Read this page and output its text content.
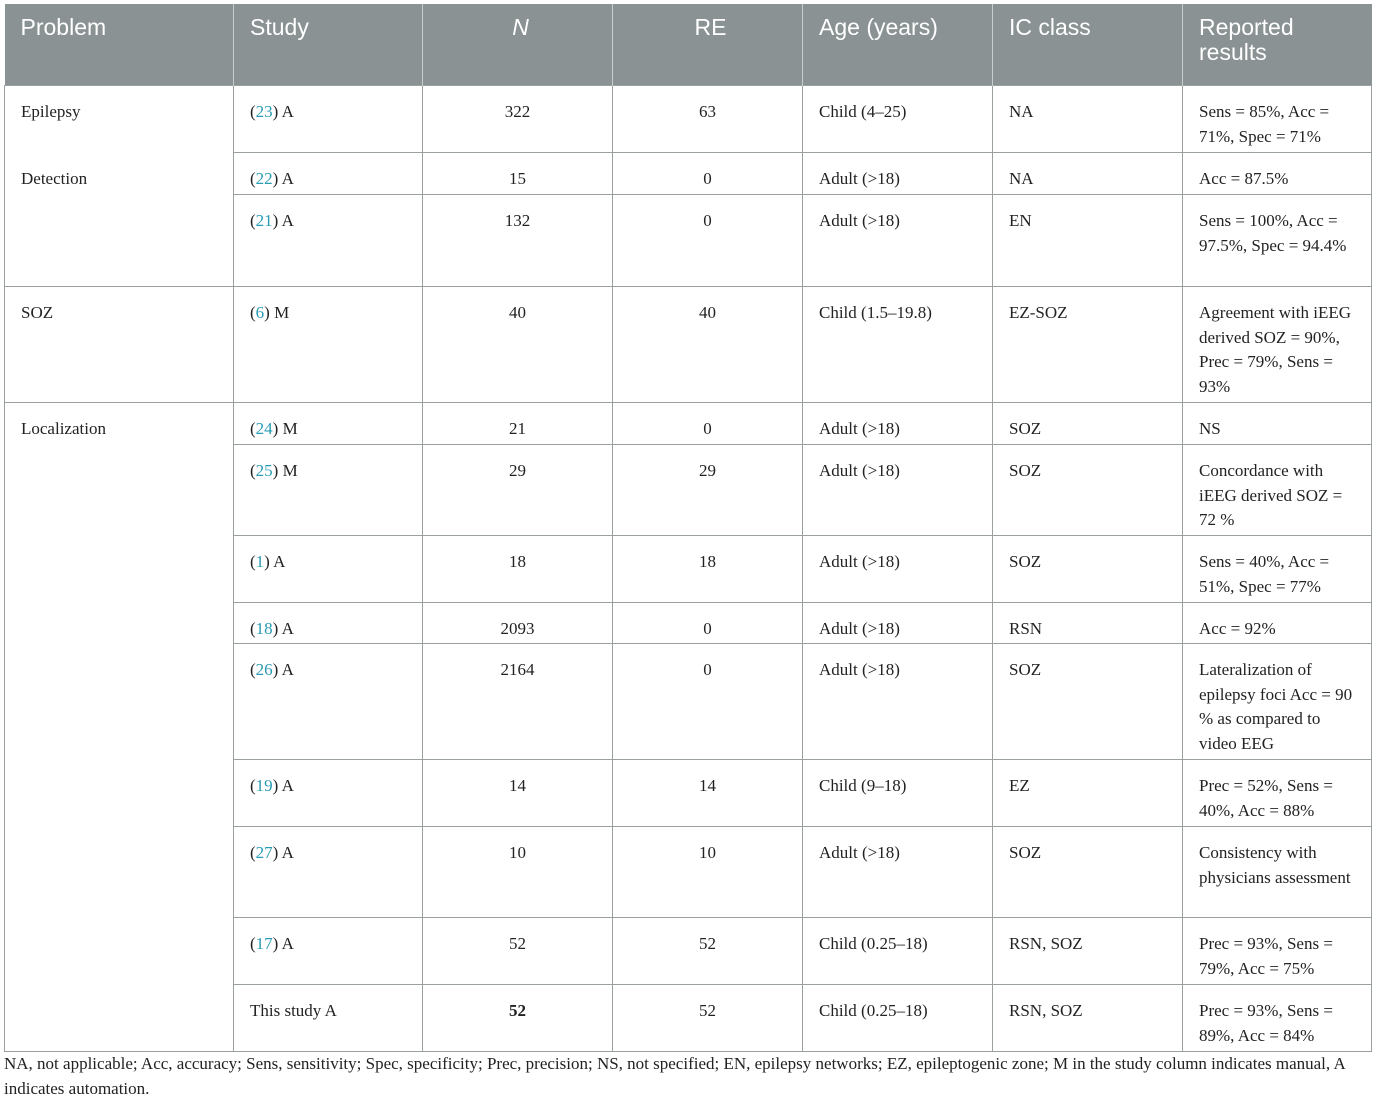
Problem	Study	N	RE	Age (years)	IC class	Reported results
Epilepsy	(23) A	322	63	Child (4–25)	NA	Sens = 85%, Acc = 71%, Spec = 71%
Detection	(22) A	15	0	Adult (>18)	NA	Acc = 87.5%
	(21) A	132	0	Adult (>18)	EN	Sens = 100%, Acc = 97.5%, Spec = 94.4%
SOZ	(6) M	40	40	Child (1.5–19.8)	EZ-SOZ	Agreement with iEEG derived SOZ = 90%, Prec = 79%, Sens = 93%
Localization	(24) M	21	0	Adult (>18)	SOZ	NS
	(25) M	29	29	Adult (>18)	SOZ	Concordance with iEEG derived SOZ = 72 %
	(1) A	18	18	Adult (>18)	SOZ	Sens = 40%, Acc = 51%, Spec = 77%
	(18) A	2093	0	Adult (>18)	RSN	Acc = 92%
	(26) A	2164	0	Adult (>18)	SOZ	Lateralization of epilepsy foci Acc = 90 % as compared to video EEG
	(19) A	14	14	Child (9–18)	EZ	Prec = 52%, Sens = 40%, Acc = 88%
	(27) A	10	10	Adult (>18)	SOZ	Consistency with physicians assessment
	(17) A	52	52	Child (0.25–18)	RSN, SOZ	Prec = 93%, Sens = 79%, Acc = 75%
	This study A	52	52	Child (0.25–18)	RSN, SOZ	Prec = 93%, Sens = 89%, Acc = 84%
NA, not applicable; Acc, accuracy; Sens, sensitivity; Spec, specificity; Prec, precision; NS, not specified; EN, epilepsy networks; EZ, epileptogenic zone; M in the study column indicates manual, A indicates automation.
